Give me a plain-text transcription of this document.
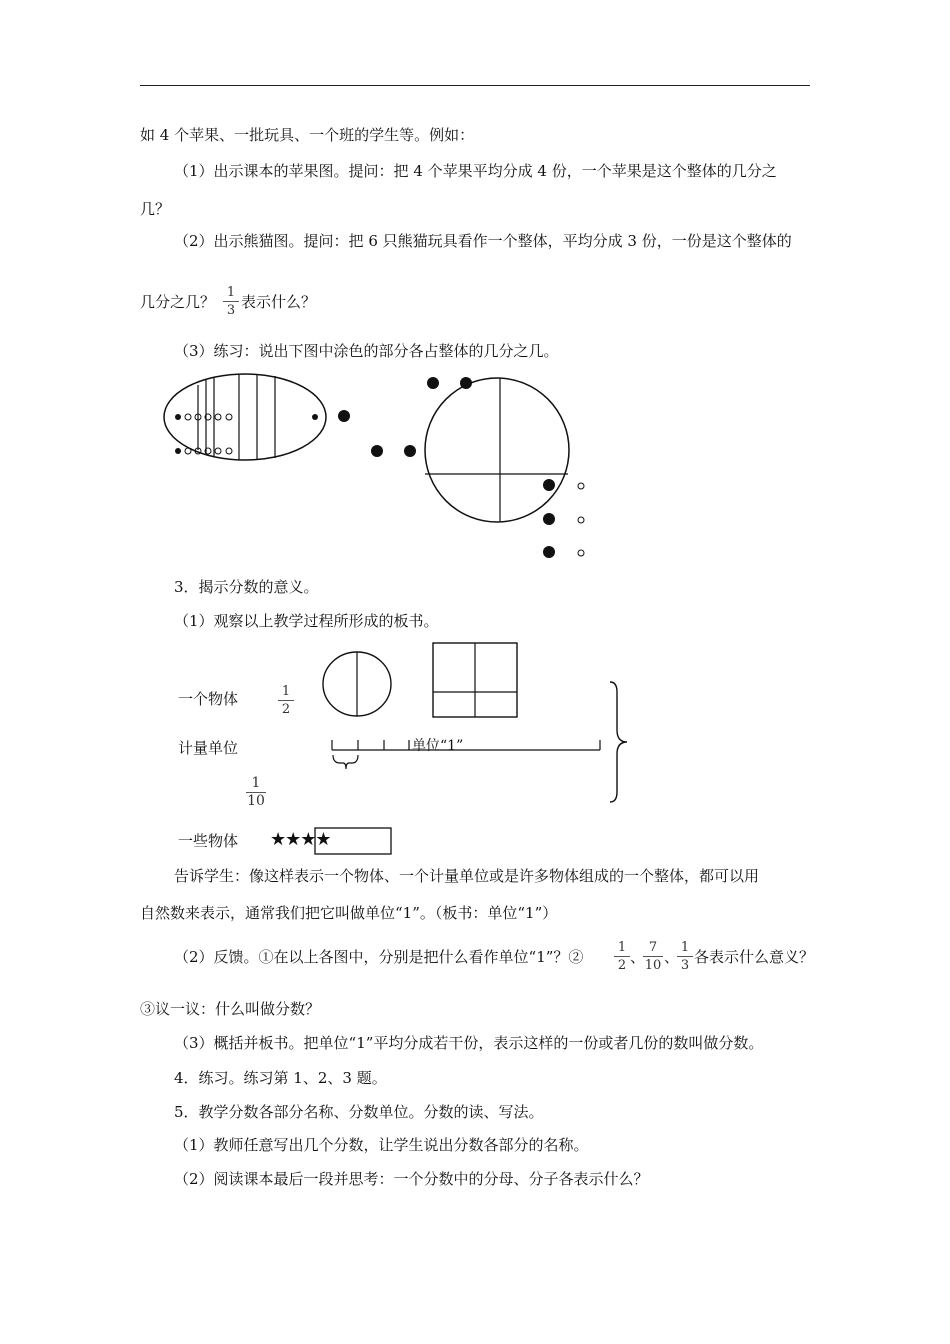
如 4 个苹果、一批玩具、一个班的学生等。例如：
（1）出示课本的苹果图。提问：把 4 个苹果平均分成 4 份，一个苹果是这个整体的几分之
几？
（2）出示熊猫图。提问：把 6 只熊猫玩具看作一个整体，平均分成 3 份，一份是这个整体的
几分之几？ $\frac{1}{3}$ 表示什么？
（3）练习：说出下图中涂色的部分各占整体的几分之几。
3．揭示分数的意义。
（1）观察以上教学过程所形成的板书。
一个物体	$\frac{1}{2}$
计量单位	单位“1”
$\frac{1}{10}$
一些物体 ★★★★
告诉学生：像这样表示一个物体、一个计量单位或是许多物体组成的一个整体，都可以用
自然数来表示，通常我们把它叫做单位“1”。（板书：单位“1”）
（2）反馈。①在以上各图中，分别是把什么看作单位“1”？② $\frac{1}{2}$ 、
$\frac{7}{10}$ 、
$\frac{1}{3}$ 各表示什么意义？
③议一议：什么叫做分数？
（3）概括并板书。把单位“1”平均分成若干份，表示这样的一份或者几份的数叫做分数。
4．练习。练习第 1、2、3 题。
5．教学分数各部分名称、分数单位。分数的读、写法。
（1）教师任意写出几个分数，让学生说出分数各部分的名称。
（2）阅读课本最后一段并思考：一个分数中的分母、分子各表示什么？
